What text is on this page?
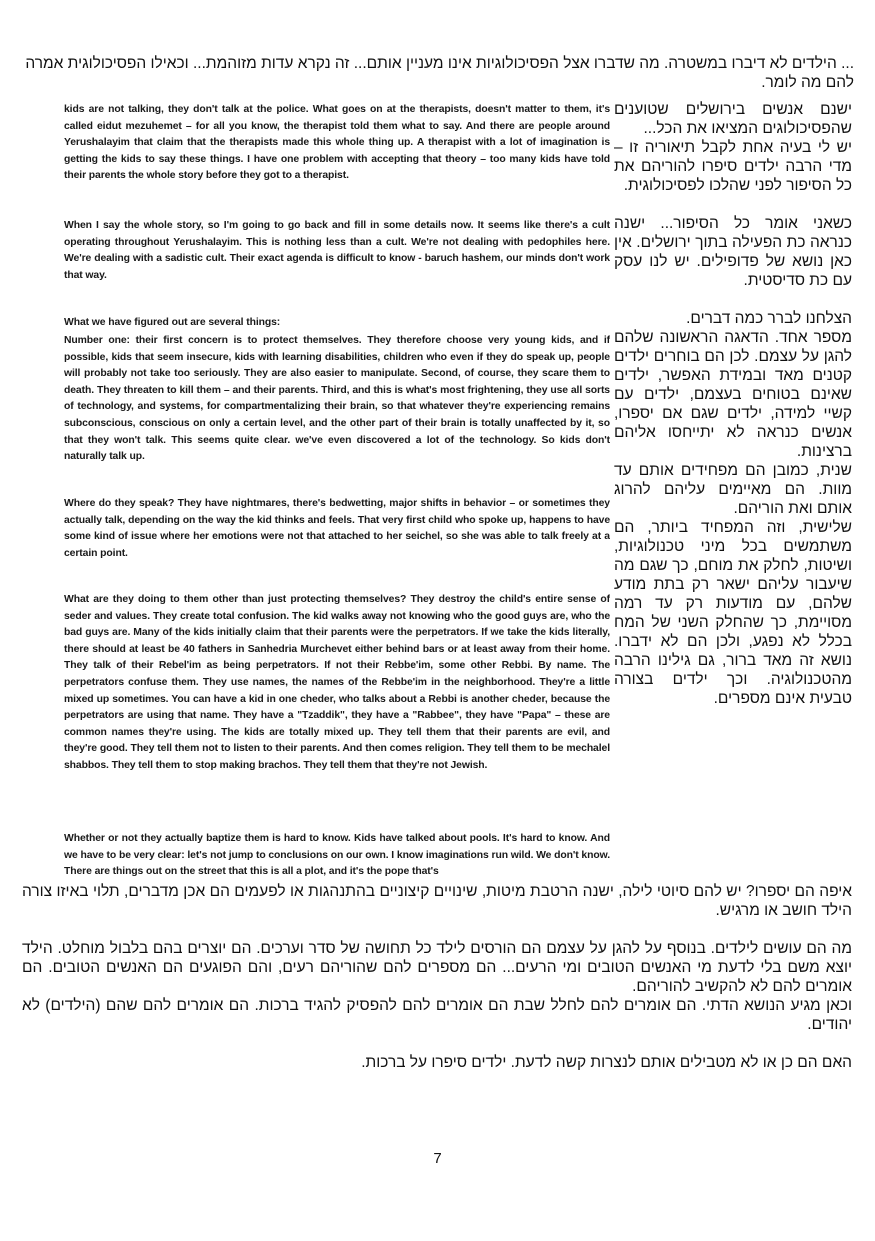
... הילדים לא דיברו במשטרה. מה שדברו אצל הפסיכולוגיות אינו מעניין אותם... זה נקרא עדות מזוהמת... וכאילו הפסיכולוגית אמרה להם מה לומר.

kids are not talking, they don't talk at the police. What goes on at the therapists, doesn't matter to them, it's called eidut mezuhemet – for all you know, the therapist told them what to say. And there are people around Yerushalayim that claim that the therapists made this whole thing up. A therapist with a lot of imagination is getting the kids to say these things. I have one problem with accepting that theory – too many kids have told their parents the whole story before they got to a therapist.

When I say the whole story, so I'm going to go back and fill in some details now. It seems like there's a cult operating throughout Yerushalayim. This is nothing less than a cult. We're not dealing with pedophiles here. We're dealing with a sadistic cult. Their exact agenda is difficult to know - baruch hashem, our minds don't work that way.

What we have figured out are several things:

Number one: their first concern is to protect themselves. They therefore choose very young kids, and if possible, kids that seem insecure, kids with learning disabilities, children who even if they do speak up, people will probably not take too seriously. They are also easier to manipulate. Second, of course, they scare them to death. They threaten to kill them – and their parents. Third, and this is what's most frightening, they use all sorts of technology, and systems, for compartmentalizing their brain, so that whatever they're experiencing remains subconscious, conscious on only a certain level, and the other part of their brain is totally unaffected by it, so that they won't talk. This seems quite clear. we've even discovered a lot of the technology. So kids don't naturally talk up.

Where do they speak? They have nightmares, there's bedwetting, major shifts in behavior – or sometimes they actually talk, depending on the way the kid thinks and feels. That very first child who spoke up, happens to have some kind of issue where her emotions were not that attached to her seichel, so she was able to talk freely at a certain point.

What are they doing to them other than just protecting themselves? They destroy the child's entire sense of seder and values. They create total confusion. The kid walks away not knowing who the good guys are, who the bad guys are. Many of the kids initially claim that their parents were the perpetrators. If we take the kids literally, there should at least be 40 fathers in Sanhedria Murchevet either behind bars or at least away from their home. They talk of their Rebel'im as being perpetrators. If not their Rebbe'im, some other Rebbi. By name. The perpetrators confuse them. They use names, the names of the Rebbe'im in the neighborhood. They're a little mixed up sometimes. You can have a kid in one cheder, who talks about a Rebbi is another cheder, because the perpetrators are using that name. They have a "Tzaddik", they have a "Rabbee", they have "Papa" – these are common names they're using. The kids are totally mixed up. They tell them that their parents are evil, and they're good. They tell them not to listen to their parents. And then comes religion. They tell them to be mechalel shabbos. They tell them to stop making brachos. They tell them that they're not Jewish.

Whether or not they actually baptize them is hard to know. Kids have talked about pools. It's hard to know. And we have to be very clear: let's not jump to conclusions on our own. I know imaginations run wild. We don't know. There are things out on the street that this is all a plot, and it's the pope that's

ישנם אנשים בירושלים שטוענים שהפסיכולוגים המציאו את הכל...

יש לי בעיה אחת לקבל תיאוריה זו – מדי הרבה ילדים סיפרו להוריהם את כל הסיפור לפני שהלכו לפסיכולוגית.

כשאני אומר כל הסיפור... ישנה כנראה כת הפעילה בתוך ירושלים. אין כאן נושא של פדופילים. יש לנו עסק עם כת סדיסטית.

הצלחנו לברר כמה דברים.

מספר אחד. הדאגה הראשונה שלהם להגן על עצמם. לכן הם בוחרים ילדים קטנים מאד ובמידת האפשר, ילדים שאינם בטוחים בעצמם, ילדים עם קשיי למידה, ילדים שגם אם יספרו, אנשים כנראה לא יתייחסו אליהם ברצינות.

שנית, כמובן הם מפחידים אותם עד מוות. הם מאיימים עליהם להרוג אותם ואת הוריהם.

שלישית, וזה המפחיד ביותר, הם משתמשים בכל מיני טכנולוגיות, ושיטות, לחלק את מוחם, כך שגם מה שיעבור עליהם ישאר רק בתת מודע שלהם, עם מודעות רק עד רמה מסויימת, כך שהחלק השני של המח בכלל לא נפגע, ולכן הם לא ידברו. נושא זה מאד ברור, גם גילינו הרבה מהטכנולוגיה. וכך ילדים בצורה טבעית אינם מספרים.

איפה הם יספרו? יש להם סיוטי לילה, ישנה הרטבת מיטות, שינויים קיצוניים בהתנהגות או לפעמים הם אכן מדברים, תלוי באיזו צורה הילד חושב או מרגיש.

מה הם עושים לילדים. בנוסף על להגן על עצמם הם הורסים לילד כל תחושה של סדר וערכים. הם יוצרים בהם בלבול מוחלט. הילד יוצא משם בלי לדעת מי האנשים הטובים ומי הרעים... הם מספרים להם שהוריהם רעים, והם הפוגעים הם האנשים הטובים. הם אומרים להם לא להקשיב להוריהם.

וכאן מגיע הנושא הדתי. הם אומרים להם לחלל שבת הם אומרים להם להפסיק להגיד ברכות. הם אומרים להם שהם (הילדים) לא יהודים.

האם הם כן או לא מטבילים אותם לנצרות קשה לדעת. ילדים סיפרו על ברכות.

7
